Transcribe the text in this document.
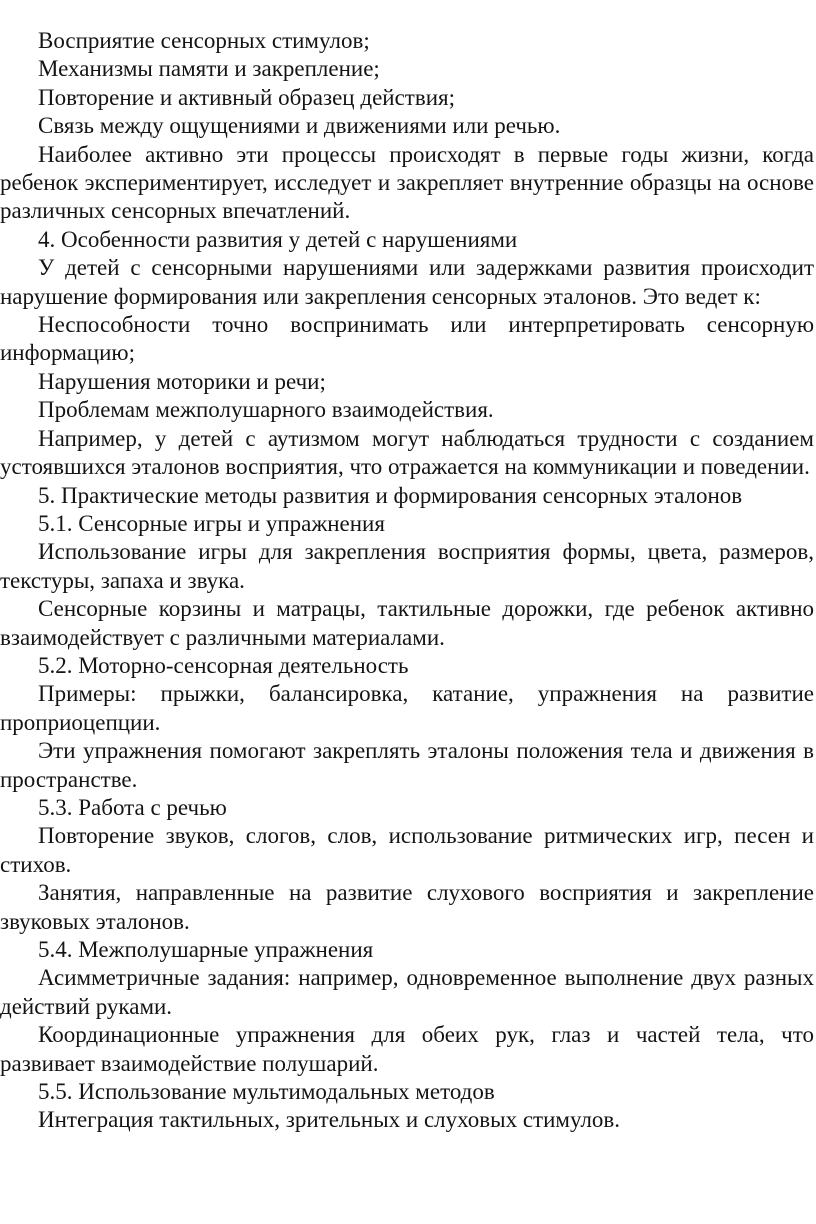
Восприятие сенсорных стимулов;

Механизмы памяти и закрепление;

Повторение и активный образец действия;

Связь между ощущениями и движениями или речью.

Наиболее активно эти процессы происходят в первые годы жизни, когда ребенок экспериментирует, исследует и закрепляет внутренние образцы на основе различных сенсорных впечатлений.

4. Особенности развития у детей с нарушениями

У детей с сенсорными нарушениями или задержками развития происходит нарушение формирования или закрепления сенсорных эталонов. Это ведет к:

Неспособности точно воспринимать или интерпретировать сенсорную информацию;

Нарушения моторики и речи;

Проблемам межполушарного взаимодействия.

Например, у детей с аутизмом могут наблюдаться трудности с созданием устоявшихся эталонов восприятия, что отражается на коммуникации и поведении.

5. Практические методы развития и формирования сенсорных эталонов

5.1. Сенсорные игры и упражнения

Использование игры для закрепления восприятия формы, цвета, размеров, текстуры, запаха и звука.

Сенсорные корзины и матрацы, тактильные дорожки, где ребенок активно взаимодействует с различными материалами.

5.2. Моторно-сенсорная деятельность

Примеры: прыжки, балансировка, катание, упражнения на развитие проприоцепции.

Эти упражнения помогают закреплять эталоны положения тела и движения в пространстве.

5.3. Работа с речью

Повторение звуков, слогов, слов, использование ритмических игр, песен и стихов.

Занятия, направленные на развитие слухового восприятия и закрепление звуковых эталонов.

5.4. Межполушарные упражнения

Асимметричные задания: например, одновременное выполнение двух разных действий руками.

Координационные упражнения для обеих рук, глаз и частей тела, что развивает взаимодействие полушарий.

5.5. Использование мультимодальных методов

Интеграция тактильных, зрительных и слуховых стимулов.
